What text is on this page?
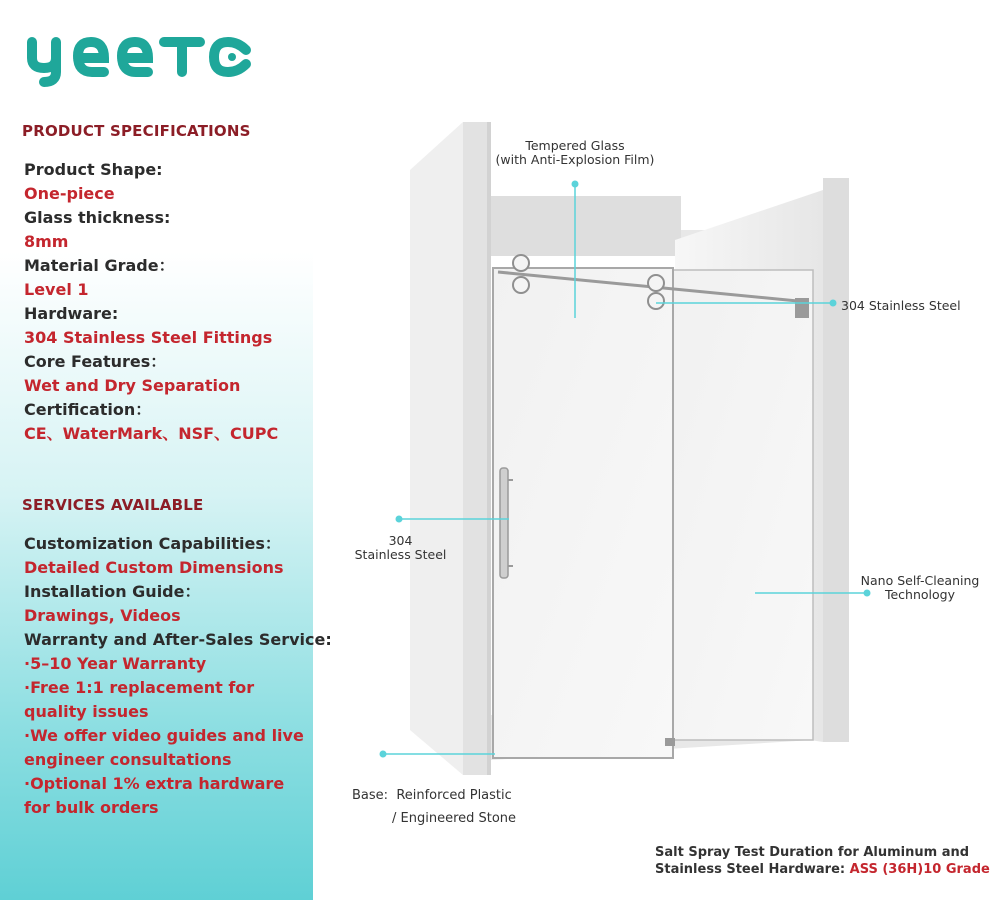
PRODUCT SPECIFICATIONS
Product Shape:
One-piece
Glass thickness:
8mm
Material Grade：
Level 1
Hardware:
304 Stainless Steel Fittings
Core Features：
Wet and Dry Separation
Certification：
CE、WaterMark、NSF、CUPC
SERVICES AVAILABLE
Customization Capabilities：
Detailed Custom Dimensions
Installation Guide：
Drawings, Videos
Warranty and After-Sales Service:
·5–10 Year Warranty
·Free 1:1 replacement for quality issues
·We offer video guides and live engineer consultations
·Optional 1% extra hardware for bulk orders
Tempered Glass
(with Anti-Explosion Film)
304 Stainless Steel
304
Stainless Steel
Nano Self-Cleaning
Technology
Base: Reinforced Plastic
/ Engineered Stone
Salt Spray Test Duration for Aluminum and
Stainless Steel Hardware: ASS (36H)10 Grade
